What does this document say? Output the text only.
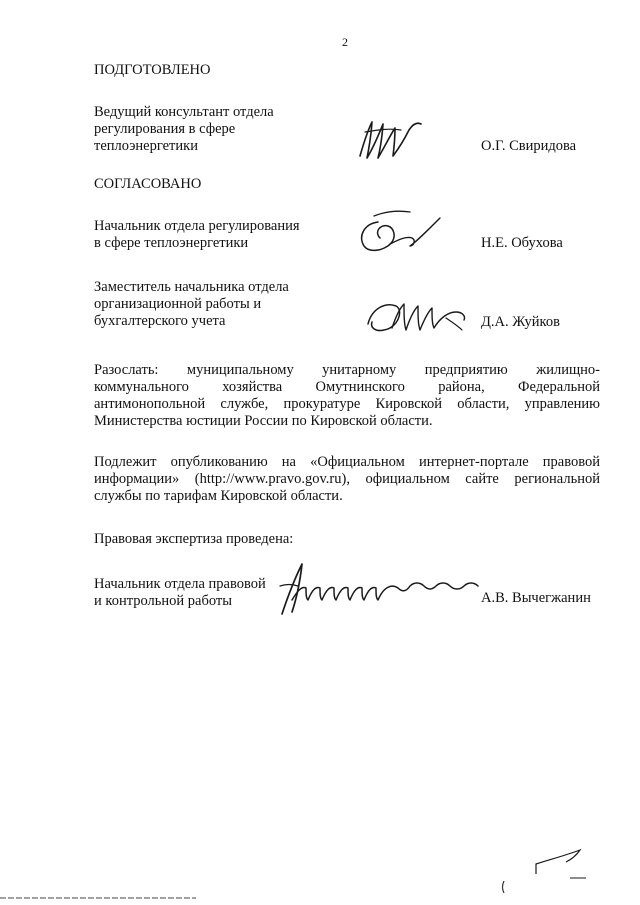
2
ПОДГОТОВЛЕНО
Ведущий консультант отдела
регулирования в сфере
теплоэнергетики	О.Г. Свиридова
СОГЛАСОВАНО
Начальник отдела регулирования
в сфере теплоэнергетики	Н.Е. Обухова
Заместитель начальника отдела
организационной работы и
бухгалтерского учета	Д.А. Жуйков
Разослать: муниципальному унитарному предприятию жилищно-
коммунального хозяйства Омутнинского района, Федеральной
антимонопольной службе, прокуратуре Кировской области, управлению
Министерства юстиции России по Кировской области.
Подлежит опубликованию на «Официальном интернет-портале правовой
информации» (http://www.pravo.gov.ru), официальном сайте региональной
службы по тарифам Кировской области.
Правовая экспертиза проведена:
Начальник отдела правовой
и контрольной работы	А.В. Вычегжанин
